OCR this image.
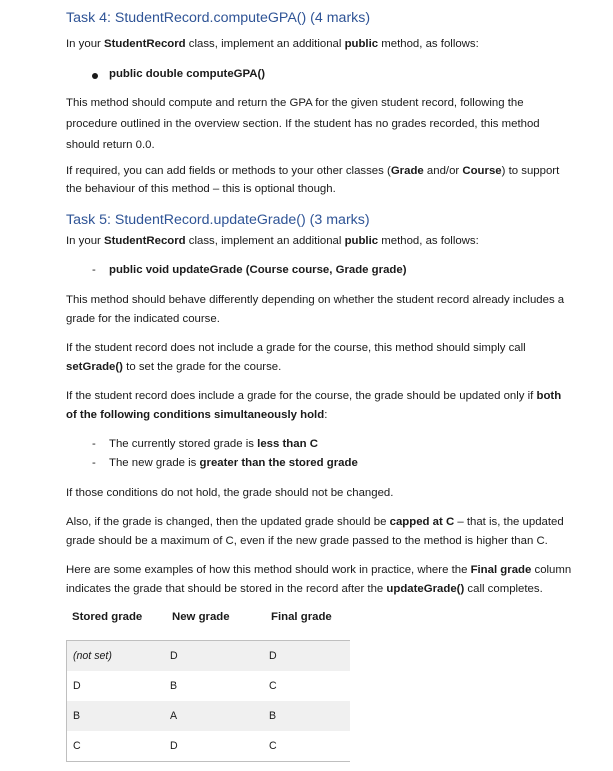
Task 4: StudentRecord.computeGPA() (4 marks)
In your StudentRecord class, implement an additional public method, as follows:
public double computeGPA()
This method should compute and return the GPA for the given student record, following the
procedure outlined in the overview section. If the student has no grades recorded, this method
should return 0.0.
If required, you can add fields or methods to your other classes (Grade and/or Course) to support
the behaviour of this method – this is optional though.
Task 5: StudentRecord.updateGrade() (3 marks)
In your StudentRecord class, implement an additional public method, as follows:
- public void updateGrade (Course course, Grade grade)
This method should behave differently depending on whether the student record already includes a
grade for the indicated course.
If the student record does not include a grade for the course, this method should simply call
setGrade() to set the grade for the course.
If the student record does include a grade for the course, the grade should be updated only if both
of the following conditions simultaneously hold:
- The currently stored grade is less than C
- The new grade is greater than the stored grade
If those conditions do not hold, the grade should not be changed.
Also, if the grade is changed, then the updated grade should be capped at C – that is, the updated
grade should be a maximum of C, even if the new grade passed to the method is higher than C.
Here are some examples of how this method should work in practice, where the Final grade column
indicates the grade that should be stored in the record after the updateGrade() call completes.
Stored grade	New grade	Final grade
(not set)	D	D
D	B	C
B	A	B
C	D	C
